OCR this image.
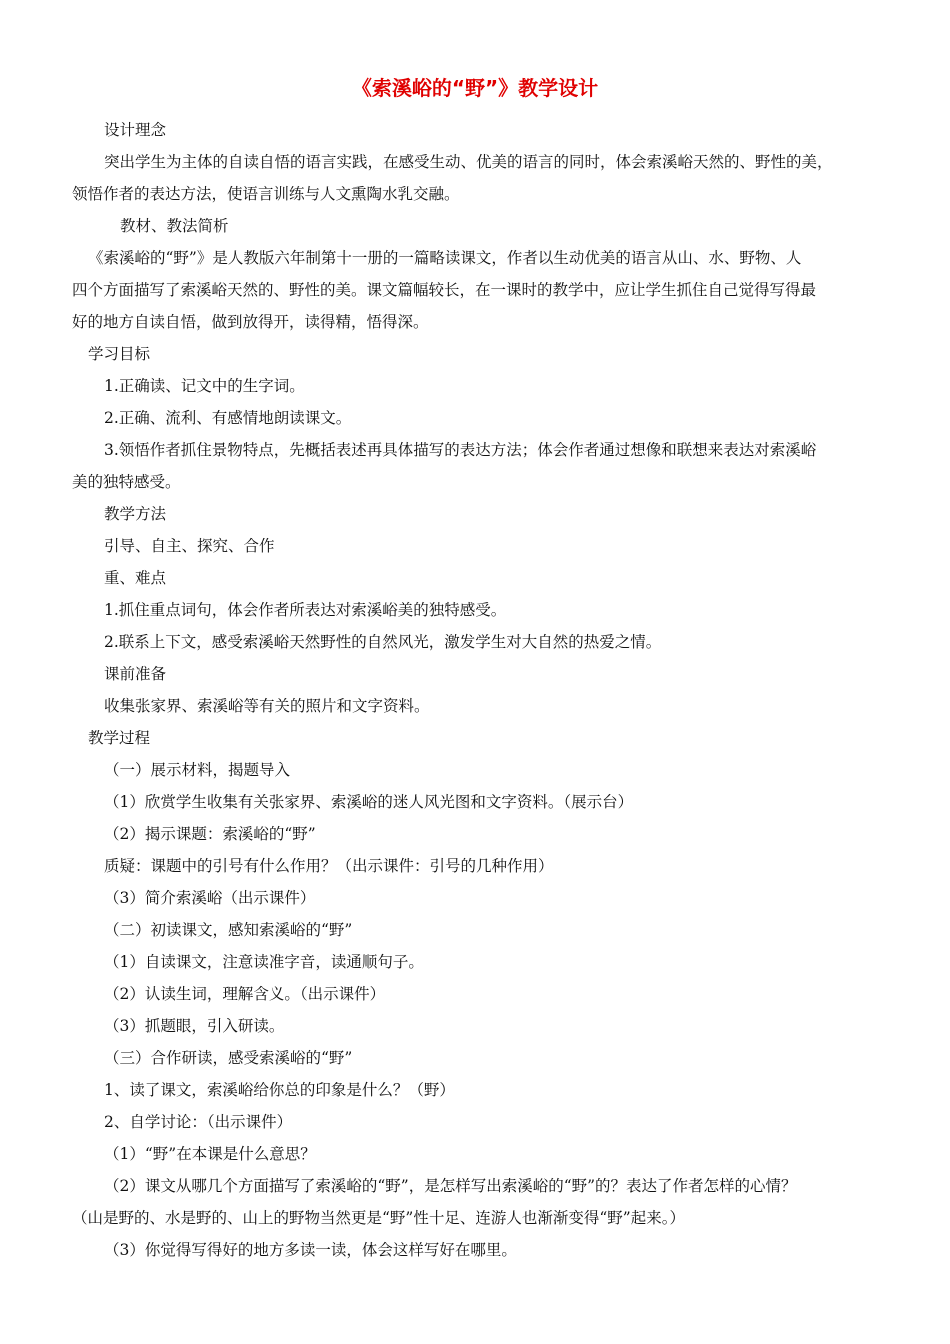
《索溪峪的“野”》教学设计
设计理念
突出学生为主体的自读自悟的语言实践，在感受生动、优美的语言的同时，体会索溪峪天然的、野性的美，
领悟作者的表达方法，使语言训练与人文熏陶水乳交融。
教材、教法简析
《索溪峪的“野”》是人教版六年制第十一册的一篇略读课文，作者以生动优美的语言从山、水、野物、人
四个方面描写了索溪峪天然的、野性的美。课文篇幅较长，在一课时的教学中，应让学生抓住自己觉得写得最
好的地方自读自悟，做到放得开，读得精，悟得深。
学习目标
1.正确读、记文中的生字词。
2.正确、流利、有感情地朗读课文。
3.领悟作者抓住景物特点，先概括表述再具体描写的表达方法；体会作者通过想像和联想来表达对索溪峪
美的独特感受。
教学方法
引导、自主、探究、合作
重、难点
1.抓住重点词句，体会作者所表达对索溪峪美的独特感受。
2.联系上下文，感受索溪峪天然野性的自然风光，激发学生对大自然的热爱之情。
课前准备
收集张家界、索溪峪等有关的照片和文字资料。
教学过程
（一）展示材料，揭题导入
（1）欣赏学生收集有关张家界、索溪峪的迷人风光图和文字资料。（展示台）
（2）揭示课题：索溪峪的“野”
质疑：课题中的引号有什么作用？（出示课件：引号的几种作用）
（3）简介索溪峪（出示课件）
（二）初读课文，感知索溪峪的“野”
（1）自读课文，注意读准字音，读通顺句子。
（2）认读生词，理解含义。（出示课件）
（3）抓题眼，引入研读。
（三）合作研读，感受索溪峪的“野”
1、读了课文，索溪峪给你总的印象是什么？（野）
2、自学讨论：（出示课件）
（1）“野”在本课是什么意思？
（2）课文从哪几个方面描写了索溪峪的“野”，是怎样写出索溪峪的“野”的？表达了作者怎样的心情？
（山是野的、水是野的、山上的野物当然更是“野”性十足、连游人也渐渐变得“野”起来。）
（3）你觉得写得好的地方多读一读，体会这样写好在哪里。
